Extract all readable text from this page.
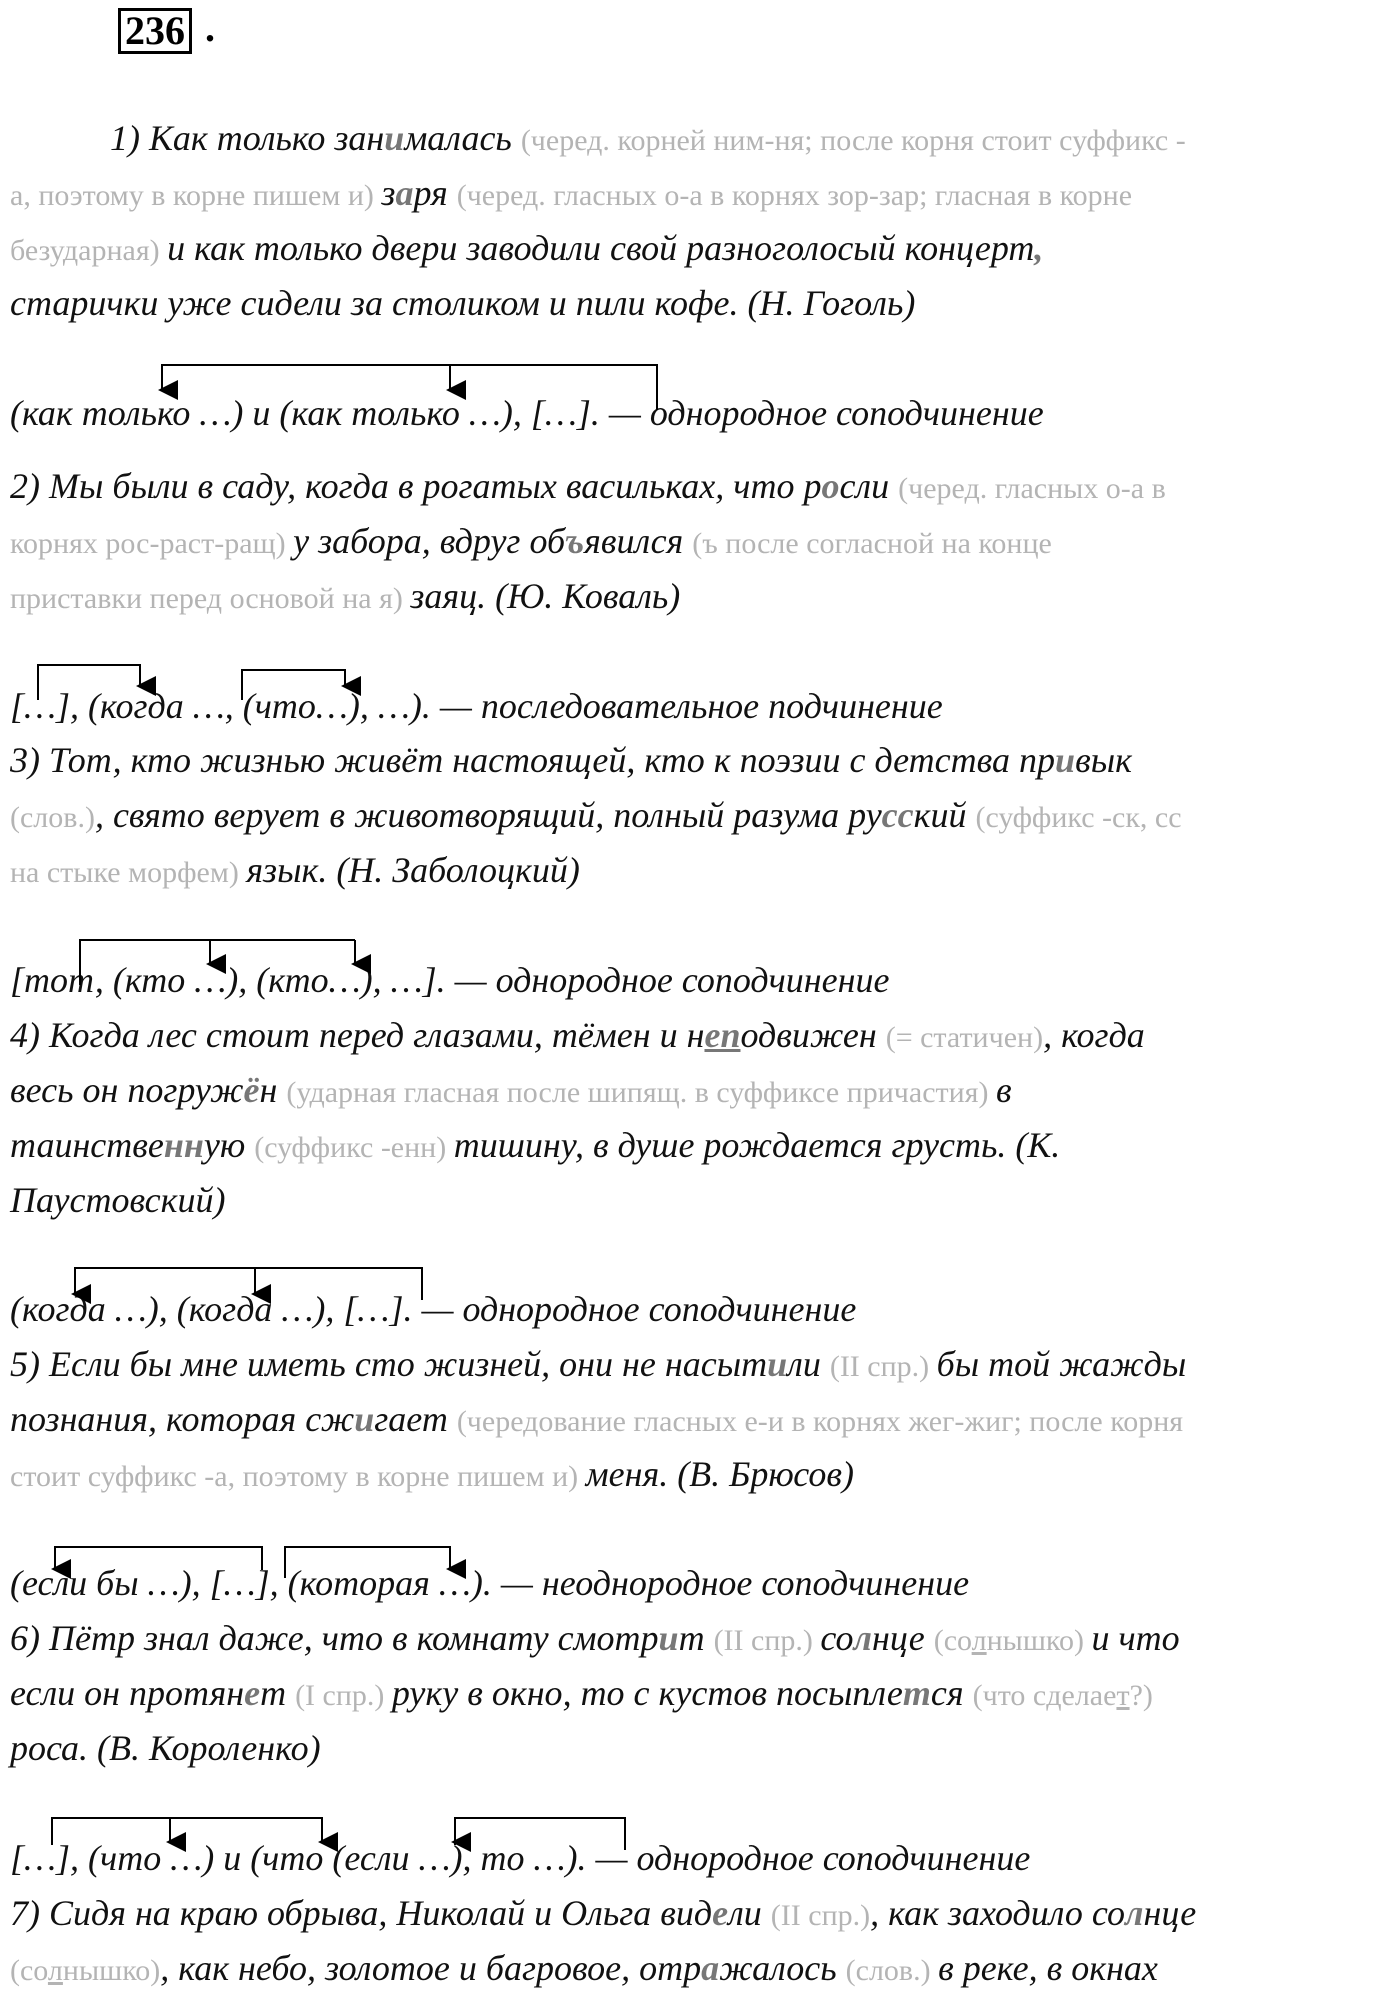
236 .
1) Как только занималась (черед. корней ним-ня; после корня стоит суффикс -
а, поэтому в корне пишем и) заря (черед. гласных о-а в корнях зор-зар; гласная в корне
безударная) и как только двери заводили свой разноголосый концерт,
старички уже сидели за столиком и пили кофе. (Н. Гоголь)
(как только …) и (как только …), […]. — однородное соподчинение
2) Мы были в саду, когда в рогатых васильках, что росли (черед. гласных о-а в
корнях рос-раст-ращ) у забора, вдруг объявился (ъ после согласной на конце
приставки перед основой на я) заяц. (Ю. Коваль)
[…], (когда …, (что…), …). — последовательное подчинение
3) Тот, кто жизнью живёт настоящей, кто к поэзии с детства привык
(слов.), свято верует в животворящий, полный разума русский (суффикс -ск, сс
на стыке морфем) язык. (Н. Заболоцкий)
[тот, (кто …), (кто…), …]. — однородное соподчинение
4) Когда лес стоит перед глазами, тёмен и неподвижен (= статичен), когда
весь он погружён (ударная гласная после шипящ. в суффиксе причастия) в
таинственную (суффикс -енн) тишину, в душе рождается грусть. (К.
Паустовский)
(когда …), (когда …), […]. — однородное соподчинение
5) Если бы мне иметь сто жизней, они не насытили (II спр.) бы той жажды
познания, которая сжигает (чередование гласных е-и в корнях жег-жиг; после корня
стоит суффикс -а, поэтому в корне пишем и) меня. (В. Брюсов)
(если бы …), […], (которая …). — неоднородное соподчинение
6) Пётр знал даже, что в комнату смотрит (II спр.) солнце (солнышко) и что
если он протянет (I спр.) руку в окно, то с кустов посыплется (что сделает?)
роса. (В. Короленко)
[…], (что …) и (что (если …), то …). — однородное соподчинение
7) Сидя на краю обрыва, Николай и Ольга видели (II спр.), как заходило солнце
(солнышко), как небо, золотое и багровое, отражалось (слов.) в реке, в окнах
